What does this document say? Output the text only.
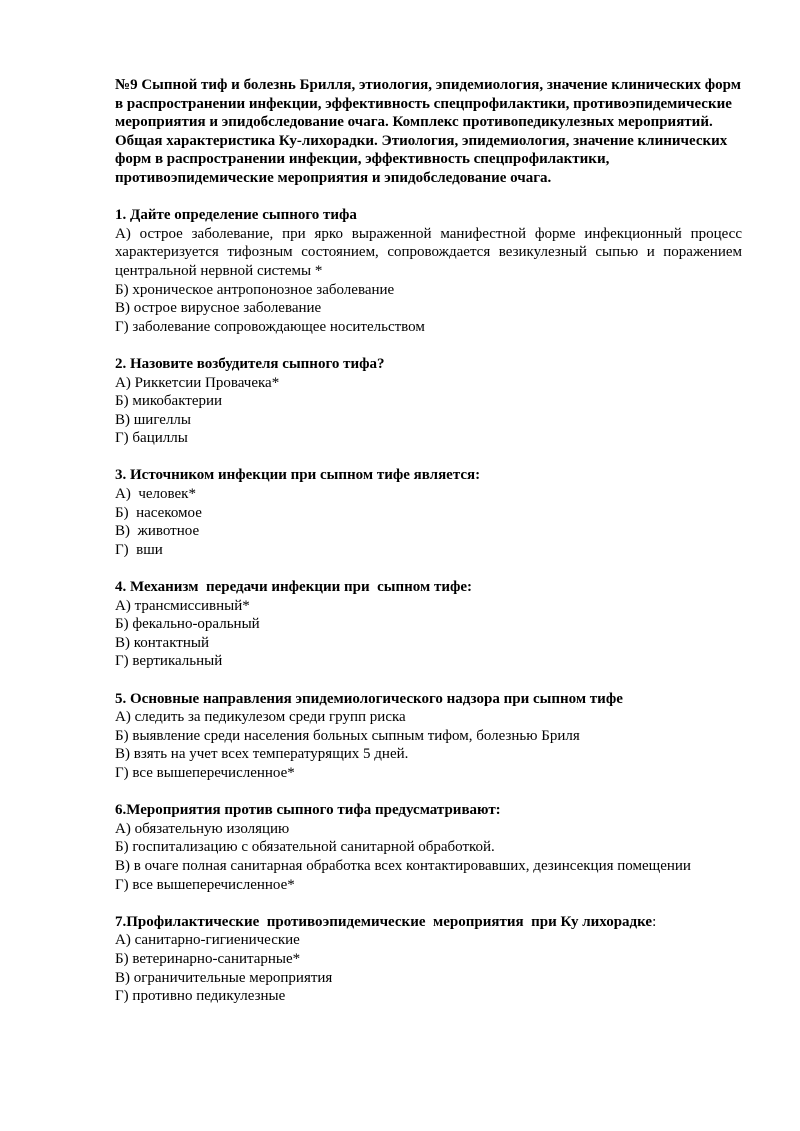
№9 Сыпной тиф и болезнь Брилля, этиология, эпидемиология, значение клинических форм в распространении инфекции, эффективность спецпрофилактики, противоэпидемические мероприятия и эпидобследование очага. Комплекс противопедикулезных мероприятий. Общая характеристика Ку-лихорадки. Этиология, эпидемиология, значение клинических форм в распространении инфекции, эффективность спецпрофилактики, противоэпидемические мероприятия и эпидобследование очага.
1. Дайте определение сыпного тифа
А) острое заболевание, при ярко выраженной манифестной форме инфекционный процесс характеризуется тифозным состоянием, сопровождается везикулезный сыпью и поражением центральной нервной системы *
Б) хроническое антропонозное заболевание
В) острое вирусное заболевание
Г) заболевание сопровождающее носительством
2. Назовите возбудителя сыпного тифа?
А) Риккетсии Провачека*
Б) микобактерии
В) шигеллы
Г) бациллы
3. Источником инфекции при сыпном тифе является:
А)  человек*
Б)  насекомое
В)  животное
Г)  вши
4. Механизм  передачи инфекции при  сыпном тифе:
А) трансмиссивный*
Б) фекально-оральный
В) контактный
Г) вертикальный
5. Основные направления эпидемиологического надзора при сыпном тифе
А) следить за педикулезом среди групп риска
Б) выявление среди населения больных сыпным тифом, болезнью Бриля
В) взять на учет всех температурящих 5 дней.
Г) все вышеперечисленное*
6.Мероприятия против сыпного тифа предусматривают:
А) обязательную изоляцию
Б) госпитализацию с обязательной санитарной обработкой.
В) в очаге полная санитарная обработка всех контактировавших, дезинсекция помещении
Г) все вышеперечисленное*
7.Профилактические  противоэпидемические  мероприятия  при Ку лихорадке:
А) санитарно-гигиенические
Б) ветеринарно-санитарные*
В) ограничительные мероприятия
Г) противно педикулезные
